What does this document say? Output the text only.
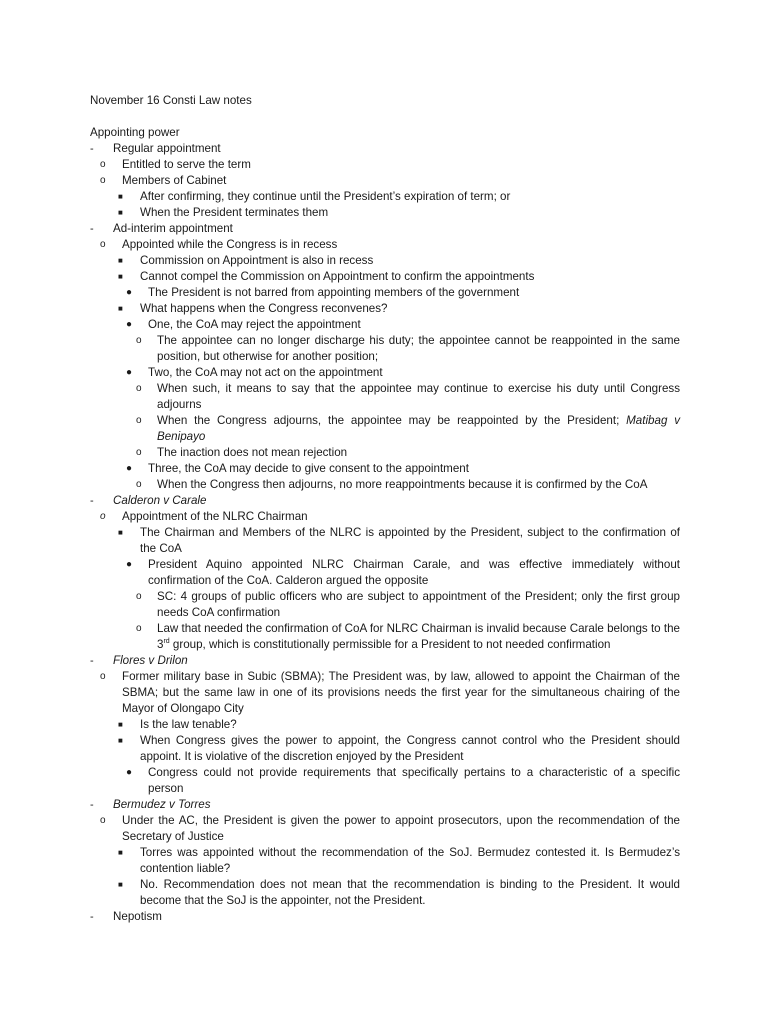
November 16 Consti Law notes

Appointing power

- Regular appointment
o Entitled to serve the term
o Members of Cabinet
■ After confirming, they continue until the President’s expiration of term; or
■ When the President terminates them
- Ad-interim appointment
o Appointed while the Congress is in recess
■ Commission on Appointment is also in recess
■ Cannot compel the Commission on Appointment to confirm the appointments
● The President is not barred from appointing members of the government
■ What happens when the Congress reconvenes?
● One, the CoA may reject the appointment
o The appointee can no longer discharge his duty; the appointee cannot be reappointed in the same position, but otherwise for another position;
● Two, the CoA may not act on the appointment
o When such, it means to say that the appointee may continue to exercise his duty until Congress adjourns
o When the Congress adjourns, the appointee may be reappointed by the President; Matibag v Benipayo
o The inaction does not mean rejection
● Three, the CoA may decide to give consent to the appointment
o When the Congress then adjourns, no more reappointments because it is confirmed by the CoA
- Calderon v Carale
o Appointment of the NLRC Chairman
■ The Chairman and Members of the NLRC is appointed by the President, subject to the confirmation of the CoA
● President Aquino appointed NLRC Chairman Carale, and was effective immediately without confirmation of the CoA. Calderon argued the opposite
o SC: 4 groups of public officers who are subject to appointment of the President; only the first group needs CoA confirmation
o Law that needed the confirmation of CoA for NLRC Chairman is invalid because Carale belongs to the 3rd group, which is constitutionally permissible for a President to not needed confirmation
- Flores v Drilon
o Former military base in Subic (SBMA); The President was, by law, allowed to appoint the Chairman of the SBMA; but the same law in one of its provisions needs the first year for the simultaneous chairing of the Mayor of Olongapo City
■ Is the law tenable?
■ When Congress gives the power to appoint, the Congress cannot control who the President should appoint. It is violative of the discretion enjoyed by the President
● Congress could not provide requirements that specifically pertains to a characteristic of a specific person
- Bermudez v Torres
o Under the AC, the President is given the power to appoint prosecutors, upon the recommendation of the Secretary of Justice
■ Torres was appointed without the recommendation of the SoJ. Bermudez contested it. Is Bermudez’s contention liable?
■ No. Recommendation does not mean that the recommendation is binding to the President. It would become that the SoJ is the appointer, not the President.
- Nepotism
